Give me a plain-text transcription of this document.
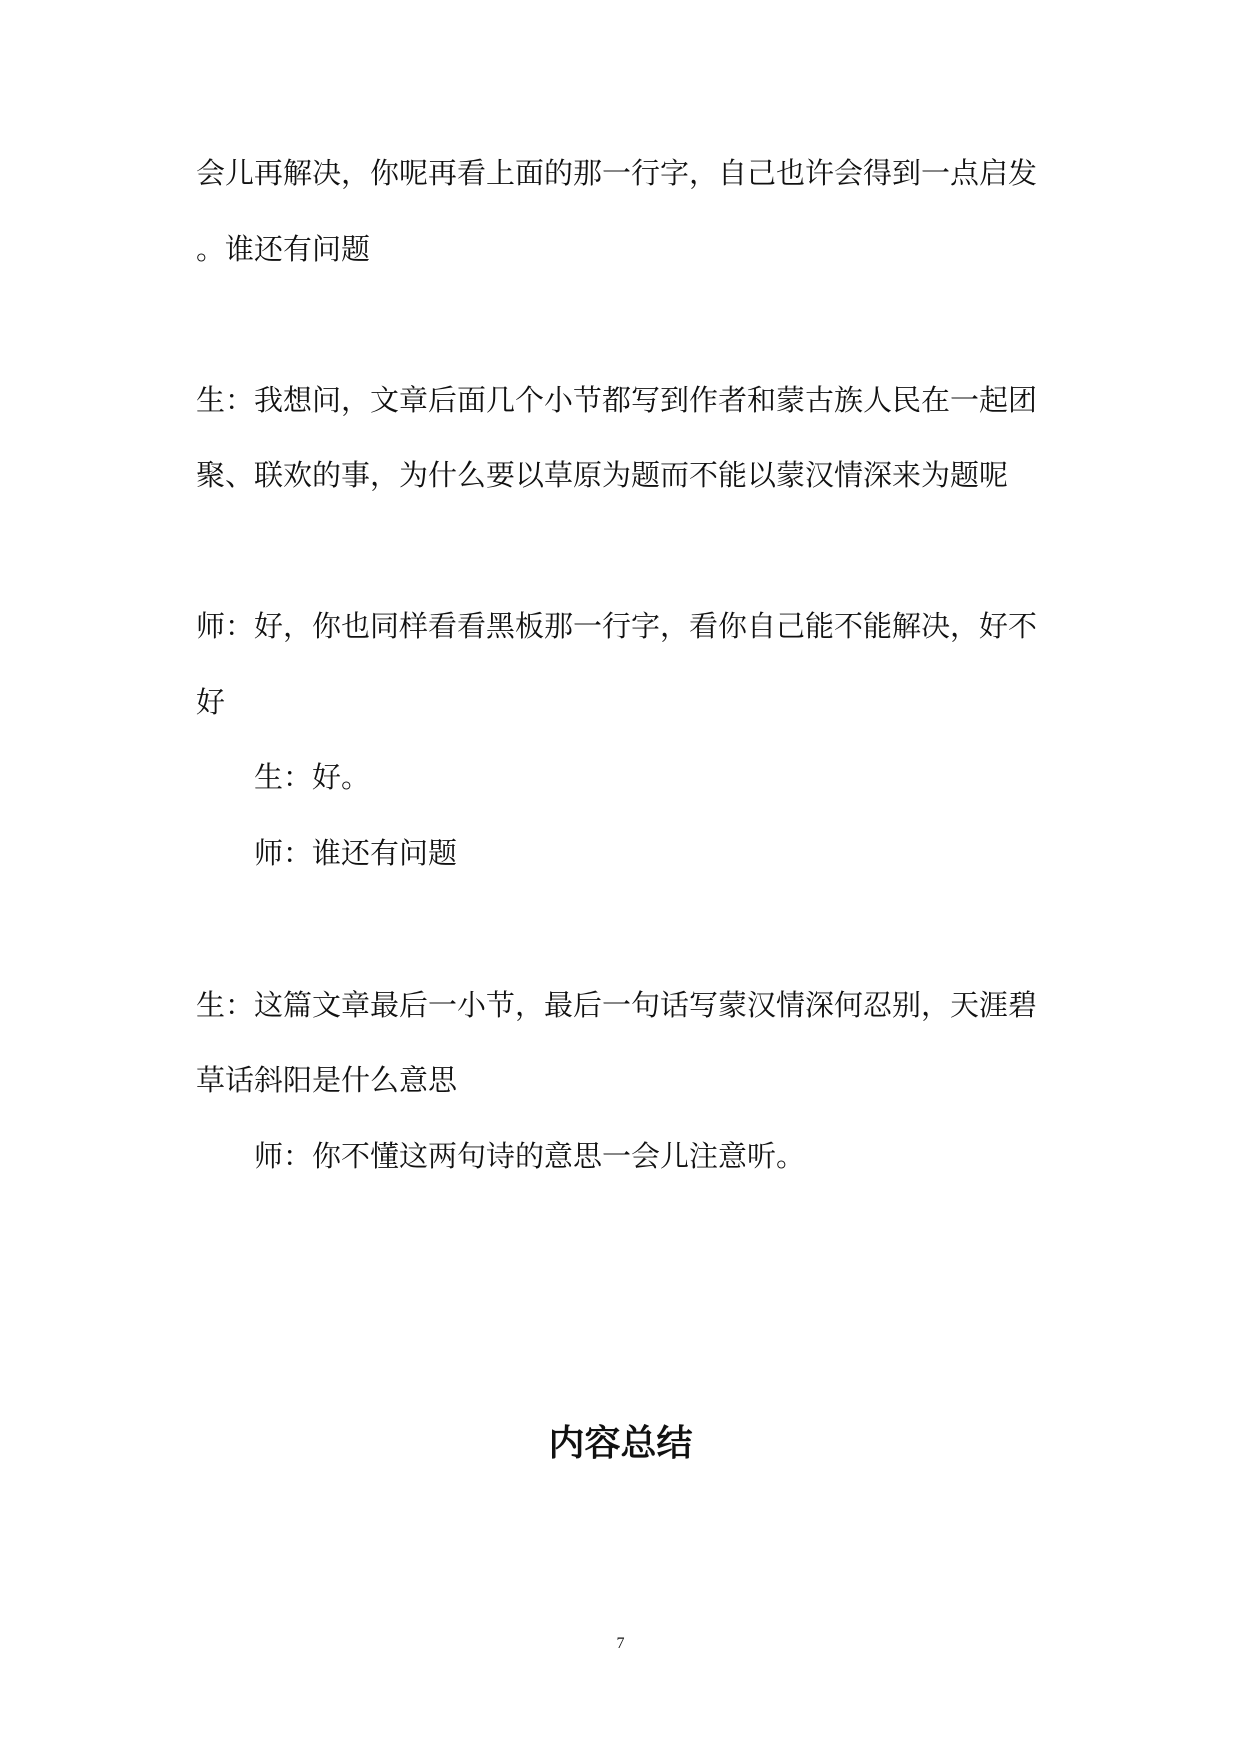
会儿再解决，你呢再看上面的那一行字，自己也许会得到一点启发
。谁还有问题
生：我想问，文章后面几个小节都写到作者和蒙古族人民在一起团
聚、联欢的事，为什么要以草原为题而不能以蒙汉情深来为题呢
师：好，你也同样看看黑板那一行字，看你自己能不能解决，好不
好
生：好。
师：谁还有问题
生：这篇文章最后一小节，最后一句话写蒙汉情深何忍别，天涯碧
草话斜阳是什么意思
师：你不懂这两句诗的意思一会儿注意听。
内容总结
7
